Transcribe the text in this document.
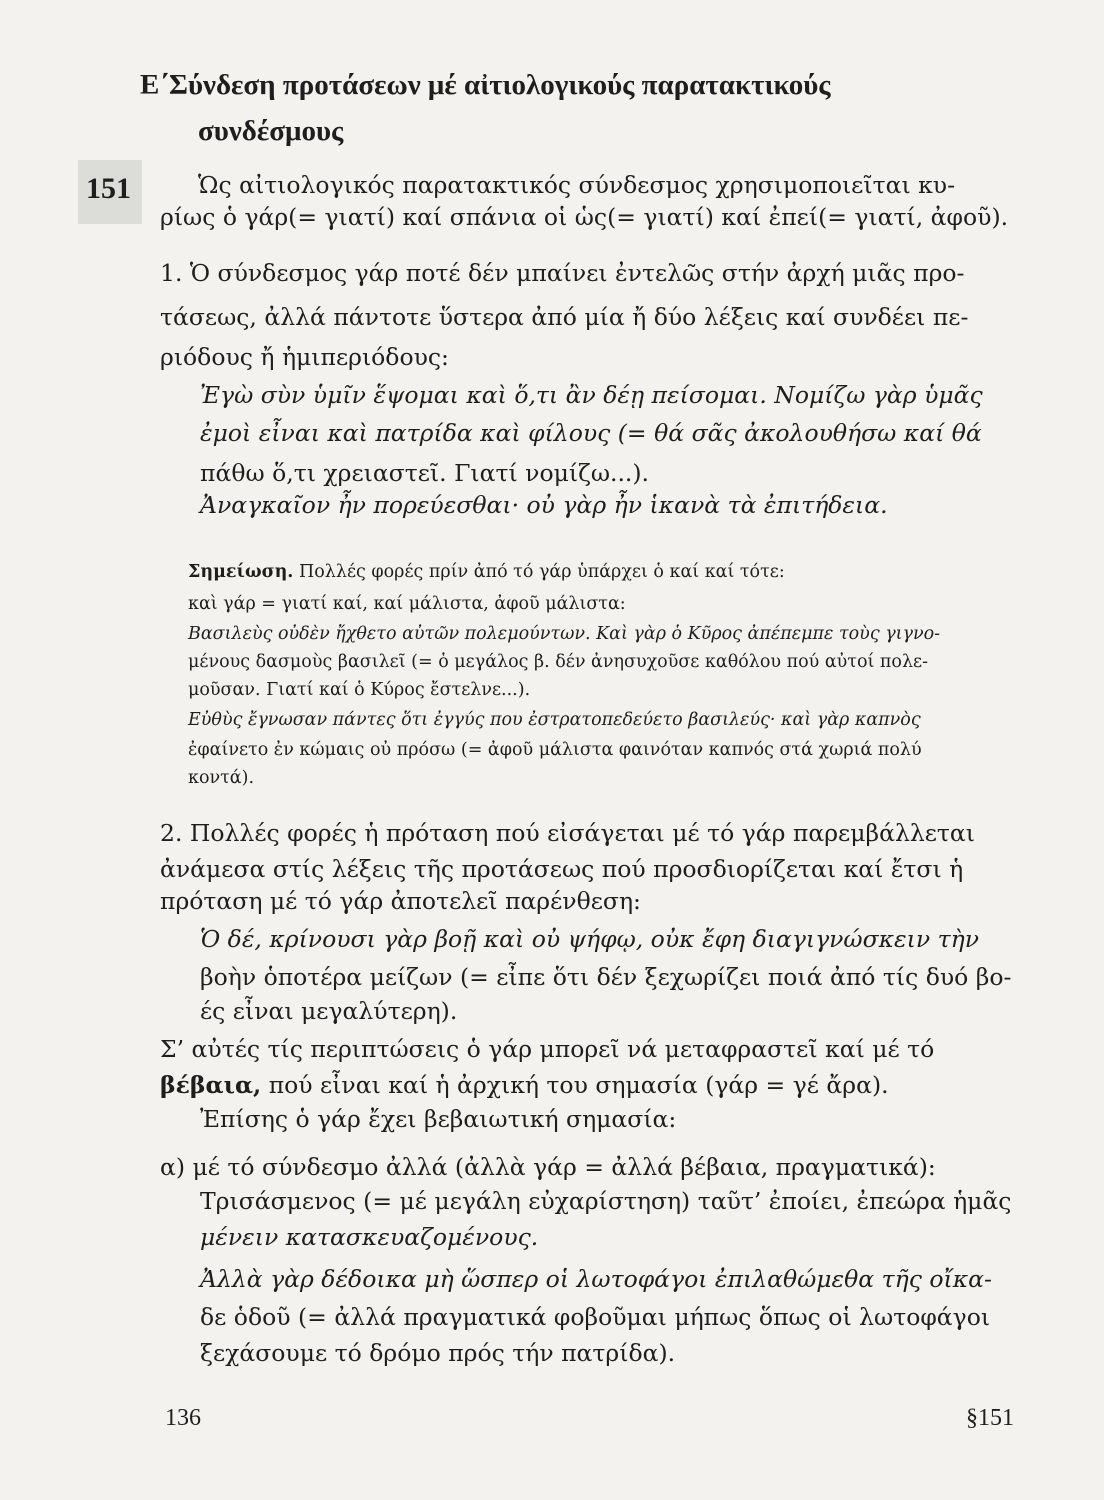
Ε΄Σύνδεση προτάσεων μέ αἰτιολογικούς παρατακτικούς
συνδέσμους
151	Ὡς αἰτιολογικός παρατακτικός σύνδεσμος χρησιμοποιεῖται κυ-
ρίως ὁ γάρ(= γιατί) καί σπάνια οἱ ὡς(= γιατί) καί ἐπεί(= γιατί, ἀφοῦ).
1. Ὁ σύνδεσμος γάρ ποτέ δέν μπαίνει ἐντελῶς στήν ἀρχή μιᾶς προ-
τάσεως, ἀλλά πάντοτε ὕστερα ἀπό μία ἤ δύο λέξεις καί συνδέει πε-
ριόδους ἤ ἡμιπεριόδους:
Ἐγὼ σὺν ὑμῖν ἕψομαι καὶ ὅ,τι ἂν δέῃ πείσομαι. Νομίζω γὰρ ὑμᾶς
ἐμοὶ εἶναι καὶ πατρίδα καὶ φίλους (= θά σᾶς ἀκολουθήσω καί θά
πάθω ὅ,τι χρειαστεῖ. Γιατί νομίζω...).
Ἀναγκαῖον ἦν πορεύεσθαι· οὐ γὰρ ἦν ἱκανὰ τὰ ἐπιτήδεια.
Σημείωση. Πολλές φορές πρίν ἀπό τό γάρ ὑπάρχει ὁ καί καί τότε:
καὶ γάρ = γιατί καί, καί μάλιστα, ἀφοῦ μάλιστα:
Βασιλεὺς οὐδὲν ἤχθετο αὐτῶν πολεμούντων. Καὶ γὰρ ὁ Κῦρος ἀπέπεμπε τοὺς γιγνο-
μένους δασμοὺς βασιλεῖ (= ὁ μεγάλος β. δέν ἀνησυχοῦσε καθόλου πού αὐτοί πολε-
μοῦσαν. Γιατί καί ὁ Κύρος ἔστελνε...).
Εὐθὺς ἔγνωσαν πάντες ὅτι ἐγγύς που ἐστρατοπεδεύετο βασιλεύς· καὶ γὰρ καπνὸς
ἐφαίνετο ἐν κώμαις οὐ πρόσω (= ἀφοῦ μάλιστα φαινόταν καπνός στά χωριά πολύ
κοντά).
2. Πολλές φορές ἡ πρόταση πού εἰσάγεται μέ τό γάρ παρεμβάλλεται
ἀνάμεσα στίς λέξεις τῆς προτάσεως πού προσδιορίζεται καί ἔτσι ἡ
πρόταση μέ τό γάρ ἀποτελεῖ παρένθεση:
Ὁ δέ, κρίνουσι γὰρ βοῇ καὶ οὐ ψήφῳ, οὐκ ἔφη διαγιγνώσκειν τὴν
βοὴν ὁποτέρα μείζων (= εἶπε ὅτι δέν ξεχωρίζει ποιά ἀπό τίς δυό βο-
ές εἶναι μεγαλύτερη).
Σ’ αὐτές τίς περιπτώσεις ὁ γάρ μπορεῖ νά μεταφραστεῖ καί μέ τό
βέβαια, πού εἶναι καί ἡ ἀρχική του σημασία (γάρ = γέ ἄρα).
Ἐπίσης ὁ γάρ ἔχει βεβαιωτική σημασία:
α) μέ τό σύνδεσμο ἀλλά (ἀλλὰ γάρ = ἀλλά βέβαια, πραγματικά):
Τρισάσμενος (= μέ μεγάλη εὐχαρίστηση) ταῦτ’ ἐποίει, ἐπεώρα ἡμᾶς
μένειν κατασκευαζομένους.
Ἀλλὰ γὰρ δέδοικα μὴ ὥσπερ οἱ λωτοφάγοι ἐπιλαθώμεθα τῆς οἴκα-
δε ὁδοῦ (= ἀλλά πραγματικά φοβοῦμαι μήπως ὅπως οἱ λωτοφάγοι
ξεχάσουμε τό δρόμο πρός τήν πατρίδα).
136	§151
